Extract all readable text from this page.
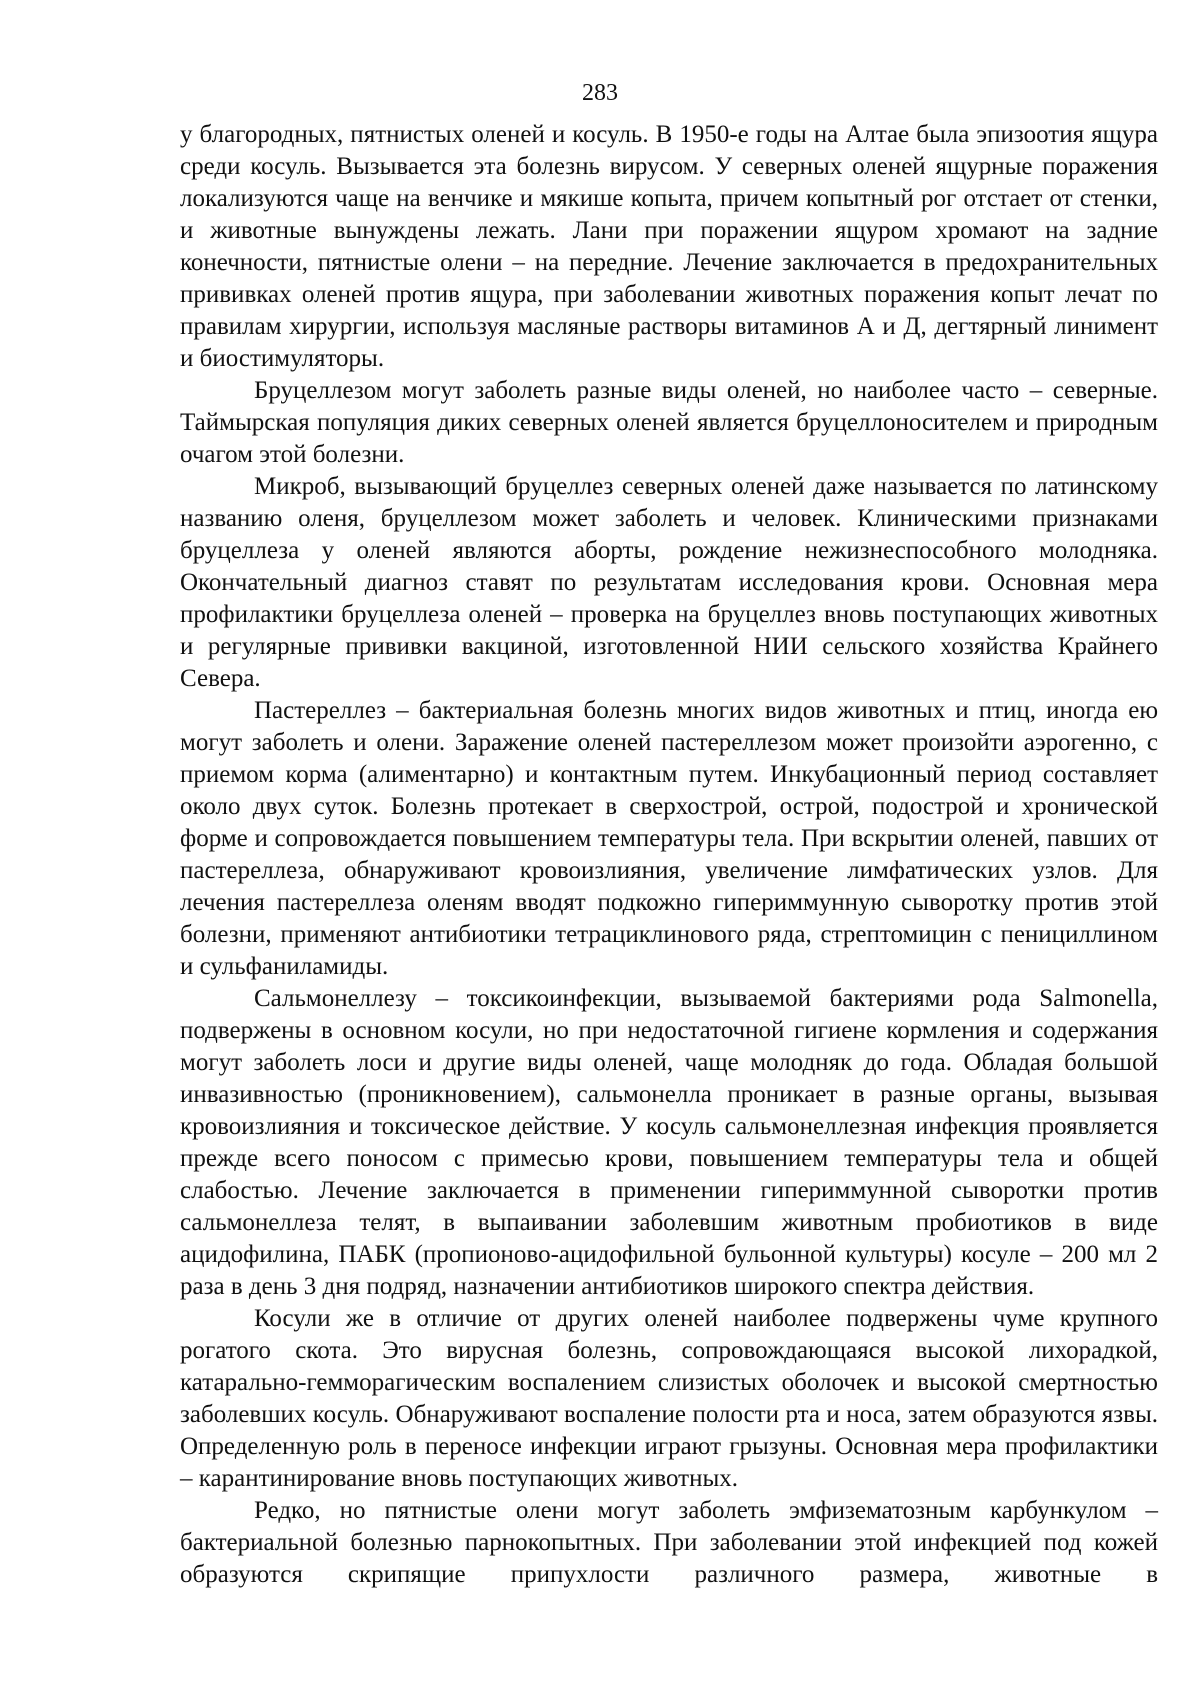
283

у благородных, пятнистых оленей и косуль. В 1950-е годы на Алтае была эпизоотия ящура среди косуль. Вызывается эта болезнь вирусом. У северных оленей ящурные поражения локализуются чаще на венчике и мякише копыта, причем копытный рог отстает от стенки, и животные вынуждены лежать. Лани при поражении ящуром хромают на задние конечности, пятнистые олени – на передние. Лечение заключается в предохранительных прививках оленей против ящура, при заболевании животных поражения копыт лечат по правилам хирургии, используя масляные растворы витаминов А и Д, дегтярный линимент и биостимуляторы.

Бруцеллезом могут заболеть разные виды оленей, но наиболее часто – северные. Таймырская популяция диких северных оленей является бруцеллоносителем и природным очагом этой болезни.

Микроб, вызывающий бруцеллез северных оленей даже называется по латинскому названию оленя, бруцеллезом может заболеть и человек. Клиническими признаками бруцеллеза у оленей являются аборты, рождение нежизнеспособного молодняка. Окончательный диагноз ставят по результатам исследования крови. Основная мера профилактики бруцеллеза оленей – проверка на бруцеллез вновь поступающих животных и регулярные прививки вакциной, изготовленной НИИ сельского хозяйства Крайнего Севера.

Пастереллез – бактериальная болезнь многих видов животных и птиц, иногда ею могут заболеть и олени. Заражение оленей пастереллезом может произойти аэрогенно, с приемом корма (алиментарно) и контактным путем. Инкубационный период составляет около двух суток. Болезнь протекает в сверхострой, острой, подострой и хронической форме и сопровождается повышением температуры тела. При вскрытии оленей, павших от пастереллеза, обнаруживают кровоизлияния, увеличение лимфатических узлов. Для лечения пастереллеза оленям вводят подкожно гипериммунную сыворотку против этой болезни, применяют антибиотики тетрациклинового ряда, стрептомицин с пенициллином и сульфаниламиды.

Сальмонеллезу – токсикоинфекции, вызываемой бактериями рода Salmonella, подвержены в основном косули, но при недостаточной гигиене кормления и содержания могут заболеть лоси и другие виды оленей, чаще молодняк до года. Обладая большой инвазивностью (проникновением), сальмонелла проникает в разные органы, вызывая кровоизлияния и токсическое действие. У косуль сальмонеллезная инфекция проявляется прежде всего поносом с примесью крови, повышением температуры тела и общей слабостью. Лечение заключается в применении гипериммунной сыворотки против сальмонеллеза телят, в выпаивании заболевшим животным пробиотиков в виде ацидофилина, ПАБК (пропионово-ацидофильной бульонной культуры) косуле – 200 мл 2 раза в день 3 дня подряд, назначении антибиотиков широкого спектра действия.

Косули же в отличие от других оленей наиболее подвержены чуме крупного рогатого скота. Это вирусная болезнь, сопровождающаяся высокой лихорадкой, катарально-гемморагическим воспалением слизистых оболочек и высокой смертностью заболевших косуль. Обнаруживают воспаление полости рта и носа, затем образуются язвы. Определенную роль в переносе инфекции играют грызуны. Основная мера профилактики – карантинирование вновь поступающих животных.

Редко, но пятнистые олени могут заболеть эмфизематозным карбункулом – бактериальной болезнью парнокопытных. При заболевании этой инфекцией под кожей образуются скрипящие припухлости различного размера, животные в
